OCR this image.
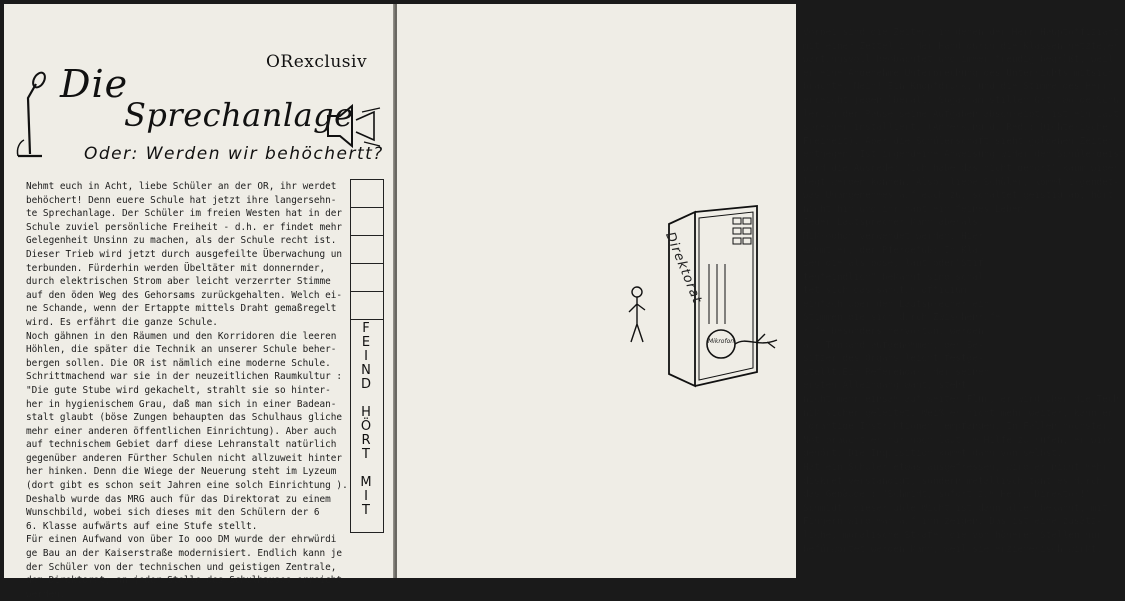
​
ORexclusiv
Die
Sprechanlage
Oder: Werden wir behöchertt?
Nehmt euch in Acht, liebe Schüler an der OR, ihr werdet
behöchert! Denn euere Schule hat jetzt ihre langersehn-
te Sprechanlage. Der Schüler im freien Westen hat in der
Schule zuviel persönliche Freiheit - d.h. er findet mehr
Gelegenheit Unsinn zu machen, als der Schule recht ist.
Dieser Trieb wird jetzt durch ausgefeilte Überwachung un
terbunden. Fürderhin werden Übeltäter mit donnernder,
durch elektrischen Strom aber leicht verzerrter Stimme
auf den öden Weg des Gehorsams zurückgehalten. Welch ei-
ne Schande, wenn der Ertappte mittels Draht gemaßregelt
wird. Es erfährt die ganze Schule.
Noch gähnen in den Räumen und den Korridoren die leeren
Höhlen, die später die Technik an unserer Schule beher-
bergen sollen. Die OR ist nämlich eine moderne Schule.
Schrittmachend war sie in der neuzeitlichen Raumkultur :
"Die gute Stube wird gekachelt, strahlt sie so hinter-
her in hygienischem Grau, daß man sich in einer Badean-
stalt glaubt (böse Zungen behaupten das Schulhaus gliche
mehr einer anderen öffentlichen Einrichtung). Aber auch
auf technischem Gebiet darf diese Lehranstalt natürlich
gegenüber anderen Fürther Schulen nicht allzuweit hinter
her hinken. Denn die Wiege der Neuerung steht im Lyzeum
(dort gibt es schon seit Jahren eine solch Einrichtung ).
Deshalb wurde das MRG auch für das Direktorat zu einem
Wunschbild, wobei sich dieses mit den Schülern der 6
6. Klasse aufwärts auf eine Stufe stellt.
Für einen Aufwand von über Io ooo DM wurde der ehrwürdi
ge Bau an der Kaiserstraße modernisiert. Endlich kann je
der Schüler von der technischen und geistigen Zentrale,
dem Direktorat, an jeder Stelle des Schulhauses erreicht
werden.
F
E
I
N
D

H
Ö
R
T

M
I
T
Vorbei sind die Zeiten, in denen der Herr Hauptoffiziant
mit einem Zettel in der Hand durch die Klassen hetzte,er
wartungsvoll beobachtet und immer freudig begrüßt, weil
er eine Angenehme Unterbrechung des Unterrichts mitsich
brachte. Nein! Ein Knopfdruck, und die Stimme des Herrn
erreicht jeden überall. Sogar am stillen Ort, wo derSchü
ler in der Pause seine Aufgaben abschreibt, ist ein Laut
sprecher installiert. (Anmerkung d. Red.: Dichterische
Freiheit). Aber die Schülerschaft sieht goldenen Zeiten
entgegen. Ist irgendeine Anweisung wider den Schülergeist
wird die Ausrede: "ich habe das nicht gehört" kaum wider
legt werden können. Also, liebe Schüler, kommt irgendet-
was Unangenehmes auf euch zu, schaltet geistig ab, hört
nicht hin und ihr habt ein feines Leben.
Jeder Lautsprecher kann aberals
Mikrophon verwendet werden. Hier
kommt er, der Pferdefuß: In Kla
sen die als böse, laut oder"Stif
tenfeindlich" bekannt sind schal
tet sich das sanctum officium
einfach über den Lautsprecher ein
Stimmen die sich durch Zwischenrufe
rufe besonders hervortun, werden
auf Tonband aufgenommen, der Be-
sitzer des Organs leicht festge-
stellt.Ein Referendar, der seinen
ersten Alleingang wagt, steht
nicht mehr einsam auf weiter Flur, er wird über die Tech
nik sicher geleitet. Weiß er nicht mehr weiter, kann er
"drahtige Instruktionen" empfangen. In Fällen höchster
Not braucht er nur noch laut um Hilfe zu rufen, er wird
gehört. Die Inquisition kommt dann von selbst.
Hat ein Schüler etwas ausgefressen, wird er nicht mehr
diskret verständigt, sondern metallisch tönt es durch
das Gebäude : "Schmidt, sofort zum Herrn Direktor!"
Schmidt, dieser üble Wicht ist dann allen bekannt, mit
Fingern wird man auf ihn zeigen. Das ist eine zusätz-
liche, moralische Strafe, die von höheren Stellen nur
befürwortet werden kann, weil sie erzieherisch wirkt.
Direktorat
Mikrofon
